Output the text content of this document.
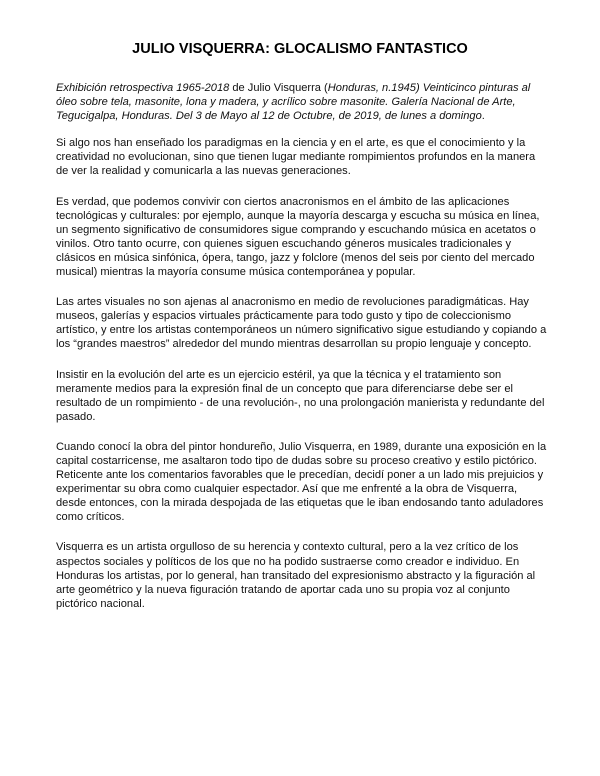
JULIO VISQUERRA: GLOCALISMO FANTASTICO

Exhibición retrospectiva 1965-2018 de Julio Visquerra (Honduras, n.1945) Veinticinco pinturas al óleo sobre tela, masonite, lona y madera, y acrílico sobre masonite. Galería Nacional de Arte, Tegucigalpa, Honduras. Del 3 de Mayo al 12 de Octubre, de 2019, de lunes a domingo.

Si algo nos han enseñado los paradigmas en la ciencia y en el arte, es que el conocimiento y la creatividad no evolucionan, sino que tienen lugar mediante rompimientos profundos en la manera de ver la realidad y comunicarla a las nuevas generaciones.

Es verdad, que podemos convivir con ciertos anacronismos en el ámbito de las aplicaciones tecnológicas y culturales: por ejemplo, aunque la mayoría descarga y escucha su música en línea, un segmento significativo de consumidores sigue comprando y escuchando música en acetatos o vinilos. Otro tanto ocurre, con quienes siguen escuchando géneros musicales tradicionales y clásicos en música sinfónica, ópera, tango, jazz y folclore (menos del seis por ciento del mercado musical) mientras la mayoría consume música contemporánea y popular.

Las artes visuales no son ajenas al anacronismo en medio de revoluciones paradigmáticas. Hay museos, galerías y espacios virtuales prácticamente para todo gusto y tipo de coleccionismo artístico, y entre los artistas contemporáneos un número significativo sigue estudiando y copiando a los “grandes maestros” alrededor del mundo mientras desarrollan su propio lenguaje y concepto.

Insistir en la evolución del arte es un ejercicio estéril, ya que la técnica y el tratamiento son meramente medios para la expresión final de un concepto que para diferenciarse debe ser el resultado de un rompimiento - de una revolución-, no una prolongación manierista y redundante del pasado.

Cuando conocí la obra del pintor hondureño, Julio Visquerra, en 1989, durante una exposición en la capital costarricense, me asaltaron todo tipo de dudas sobre su proceso creativo y estilo pictórico. Reticente ante los comentarios favorables que le precedían, decidí poner a un lado mis prejuicios y experimentar su obra como cualquier espectador. Así que me enfrenté a la obra de Visquerra, desde entonces, con la mirada despojada de las etiquetas que le iban endosando tanto aduladores como críticos.

Visquerra es un artista orgulloso de su herencia y contexto cultural, pero a la vez crítico de los aspectos sociales y políticos de los que no ha podido sustraerse como creador e individuo. En Honduras los artistas, por lo general, han transitado del expresionismo abstracto y la figuración al arte geométrico y la nueva figuración tratando de aportar cada uno su propia voz al conjunto pictórico nacional.
